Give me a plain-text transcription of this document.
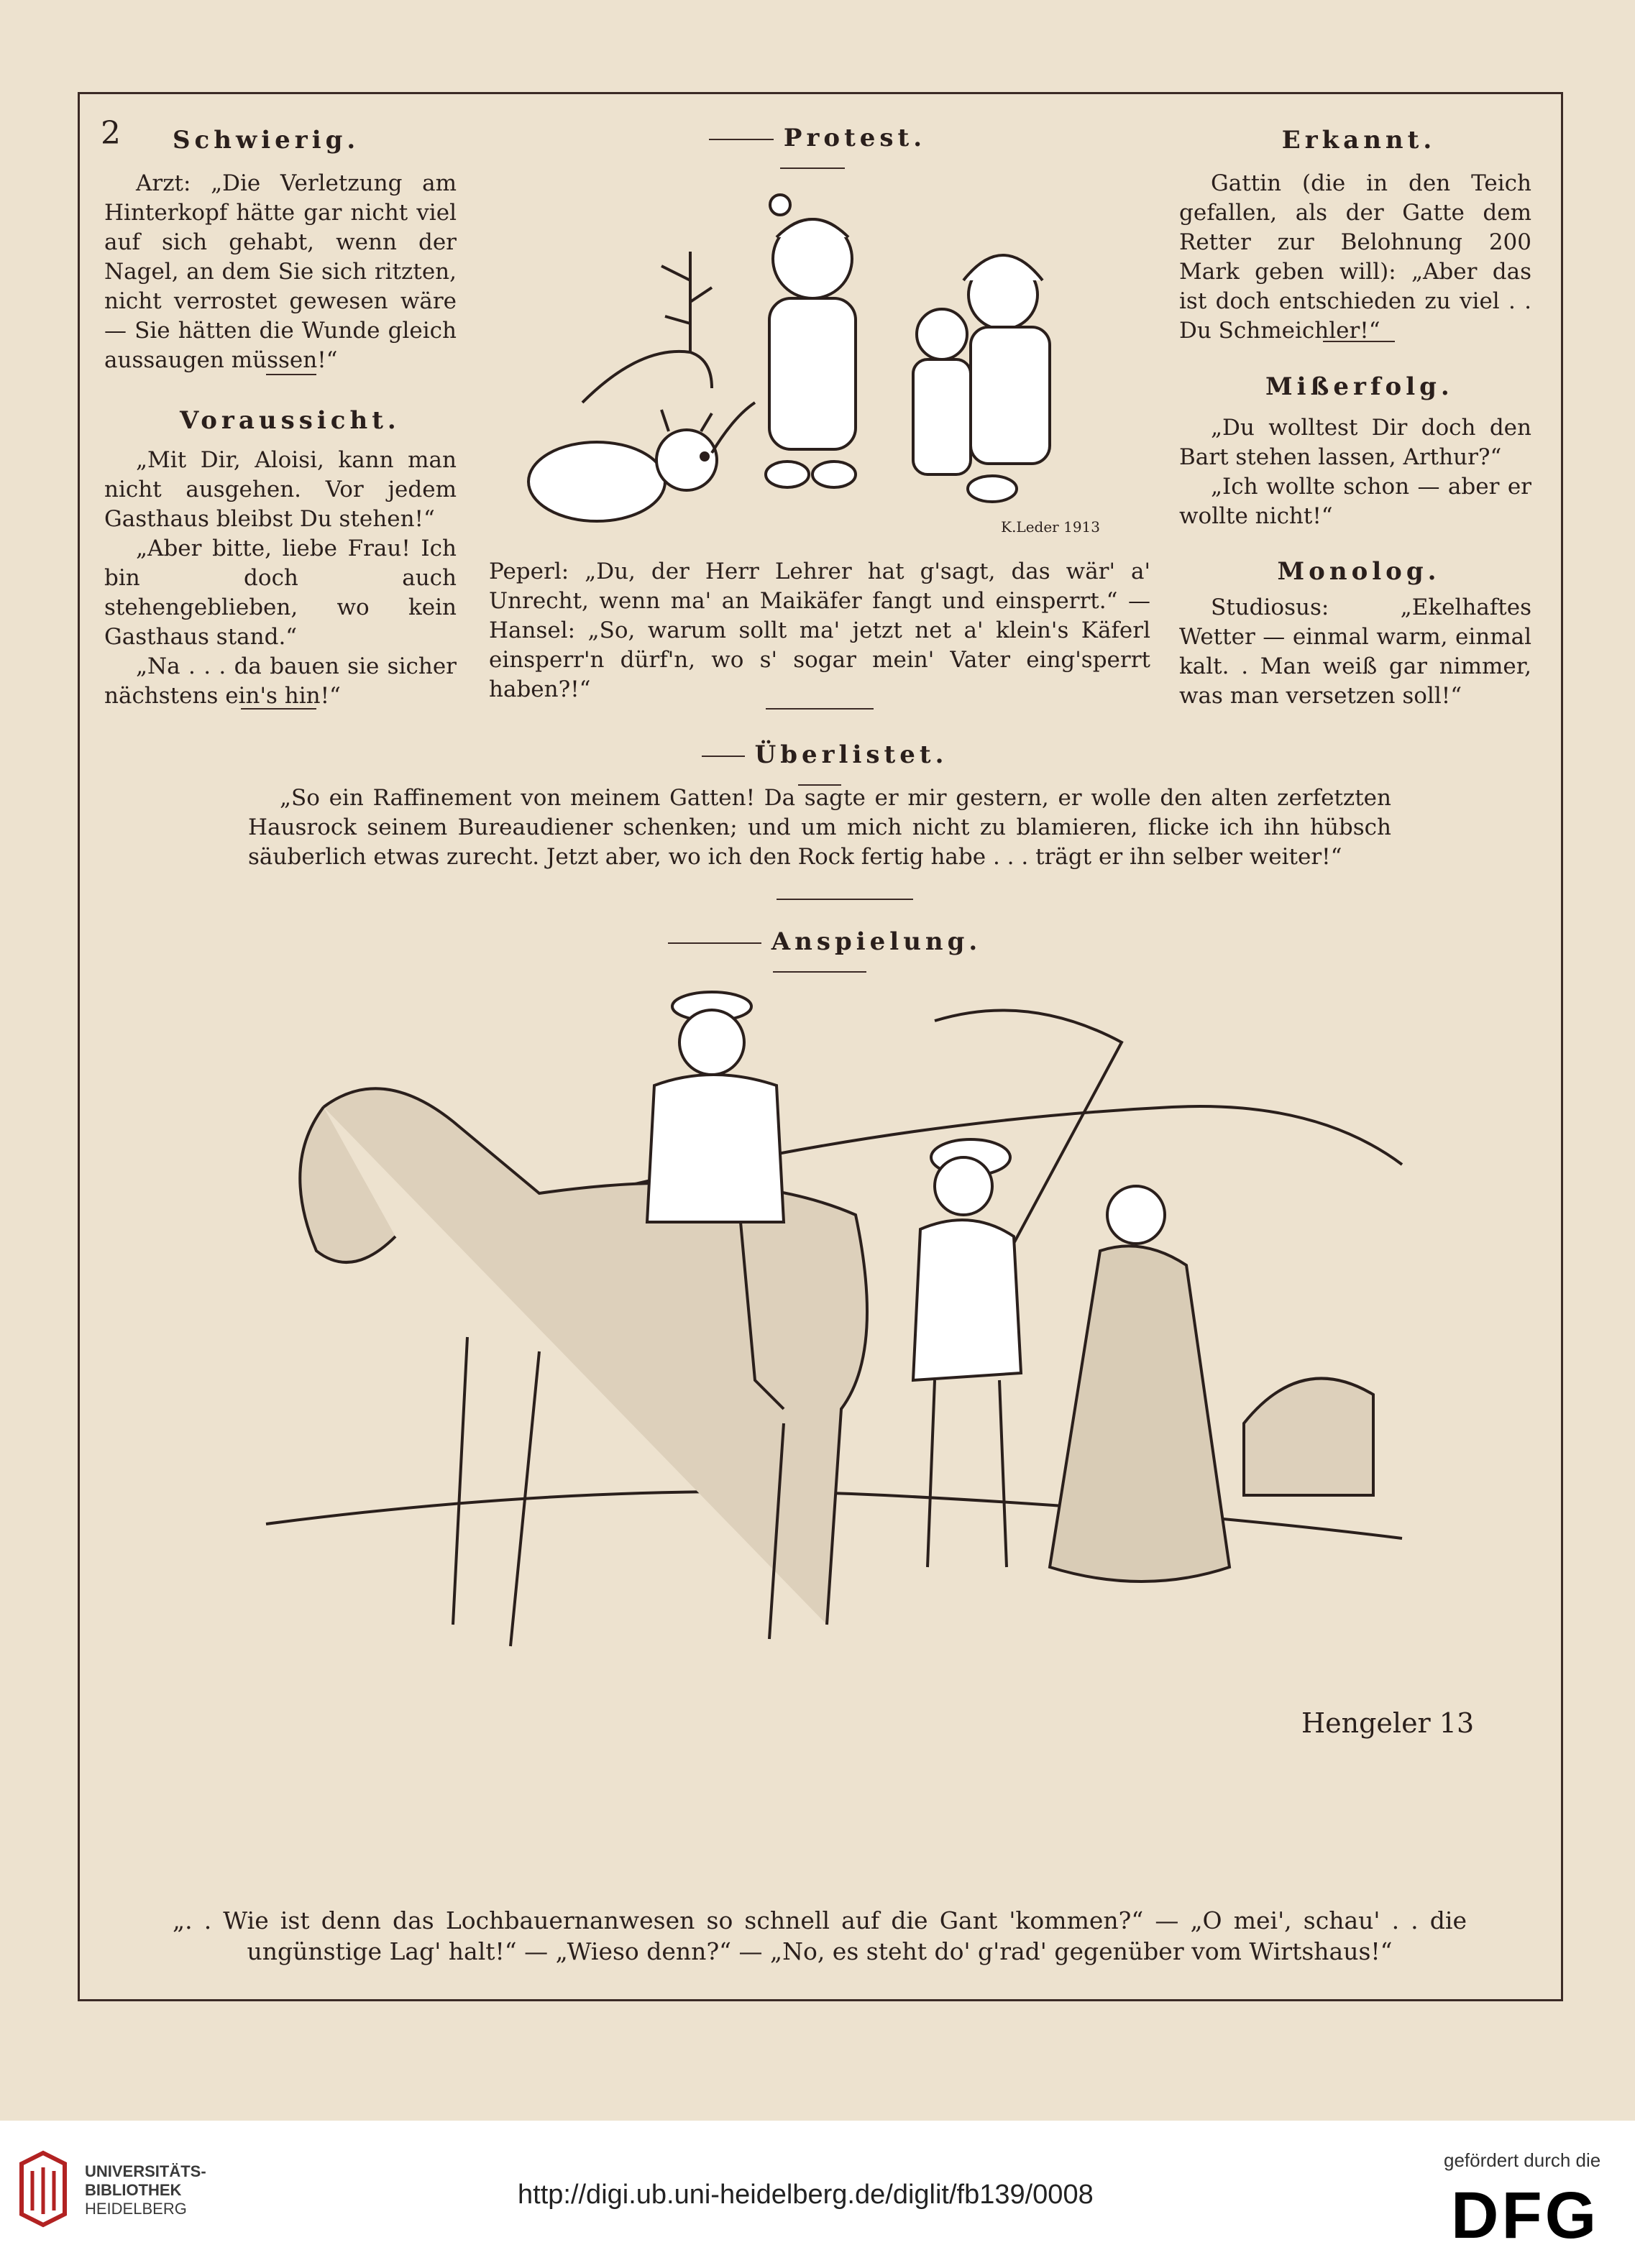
2 Schwierig.

Arzt: „Die Verletzung am Hinterkopf hätte gar nicht viel auf sich gehabt, wenn der Nagel, an dem Sie sich ritzten, nicht verrostet gewesen wäre — Sie hätten die Wunde gleich aussaugen müssen!“

Voraussicht.

„Mit Dir, Aloisi, kann man nicht ausgehen. Vor jedem Gasthaus bleibst Du stehen!“

„Aber bitte, liebe Frau! Ich bin doch auch stehengeblieben, wo kein Gasthaus stand.“

„Na . . . da bauen sie sicher nächstens ein's hin!“

Protest.
K.Leder 1913

Peperl: „Du, der Herr Lehrer hat g'sagt, das wär' a' Unrecht, wenn ma' an Maikäfer fangt und einsperrt.“ — Hansel: „So, warum sollt ma' jetzt net a' klein's Käferl einsperr'n dürf'n, wo s' sogar mein' Vater eing'sperrt haben?!“

Erkannt.

Gattin (die in den Teich gefallen, als der Gatte dem Retter zur Belohnung 200 Mark geben will): „Aber das ist doch entschieden zu viel . . Du Schmeichler!“

Mißerfolg.

„Du wolltest Dir doch den Bart stehen lassen, Arthur?“

„Ich wollte schon — aber er wollte nicht!“

Monolog.

Studiosus: „Ekelhaftes Wetter — einmal warm, einmal kalt. . Man weiß gar nimmer, was man versetzen soll!“

Überlistet.

„So ein Raffinement von meinem Gatten! Da sagte er mir gestern, er wolle den alten zerfetzten Hausrock seinem Bureaudiener schenken; und um mich nicht zu blamieren, flicke ich ihn hübsch säuberlich etwas zurecht. Jetzt aber, wo ich den Rock fertig habe . . . trägt er ihn selber weiter!“

Anspielung.
Hengeler 13
„. . Wie ist denn das Lochbauernanwesen so schnell auf die Gant 'kommen?“ — „O mei', schau' . . die ungünstige Lag' halt!“ — „Wieso denn?“ — „No, es steht do' g'rad' gegenüber vom Wirtshaus!“
UNIVERSITÄTS-
BIBLIOTHEK
HEIDELBERG	http://digi.ub.uni-heidelberg.de/diglit/fb139/0008
gefördert durch die
DFG
